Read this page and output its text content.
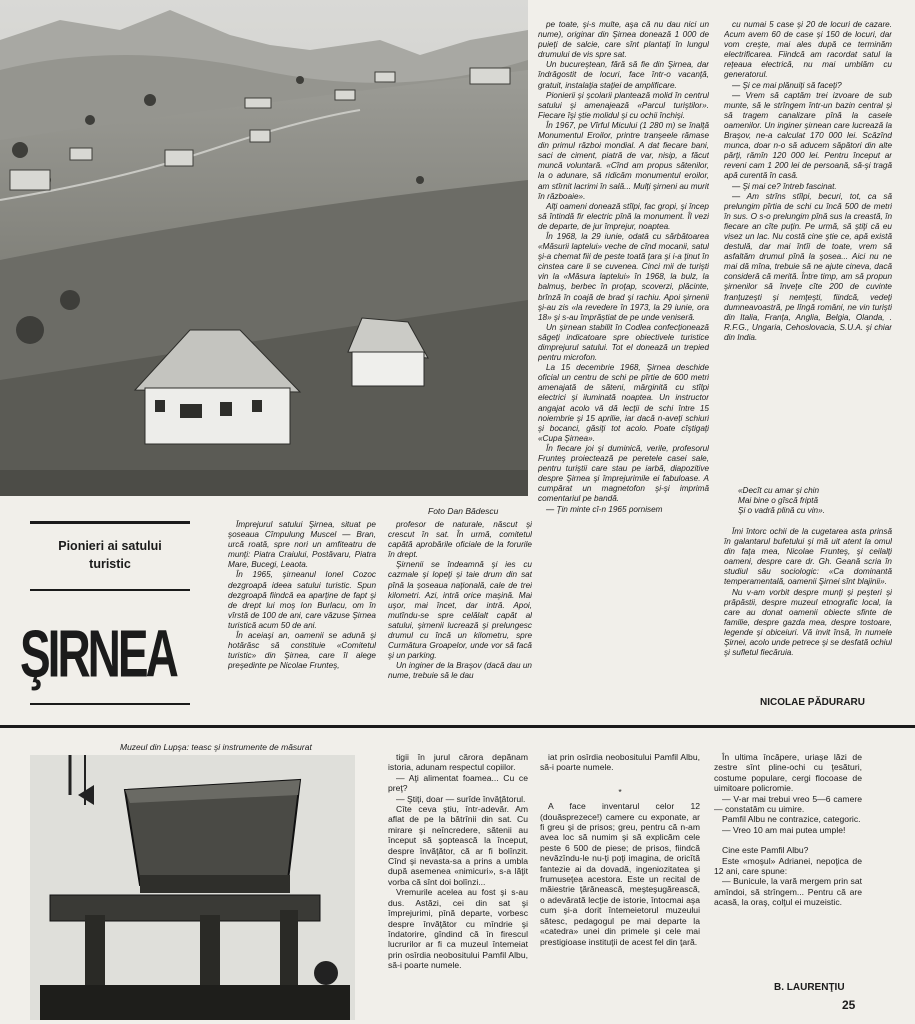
Foto Dan Bădescu
Pionieri ai satului turistic
ŞIRNEA

Împrejurul satului Şirnea, situat pe şoseaua Cîmpulung Muscel — Bran, urcă roată, spre nori un amfiteatru de munţi: Piatra Craiului, Postăvaru, Piatra Mare, Bucegi, Leaota.

În 1965, şirneanul Ionel Cozoc dezgroapă ideea satului turistic. Spun dezgroapă fiindcă ea aparţine de fapt şi de drept lui moş Ion Burlacu, om în vîrstă de 100 de ani, care văzuse Şirnea turistică acum 50 de ani.

În aceiaşi an, oamenii se adună şi hotărăsc să constituie «Comitetul turistic» din Şirnea, care îl alege preşedinte pe Nicolae Frunteş,

profesor de naturale, născut şi crescut în sat. În urmă, comitetul capătă aprobările oficiale de la forurile în drept.

Şirnenii se îndeamnă şi ies cu cazmale şi lopeţi şi taie drum din sat pînă la şoseaua naţională, cale de trei kilometri. Azi, intră orice maşină. Mai uşor, mai încet, dar intră. Apoi, mutîndu-se spre celălalt capăt al satului, şirnenii lucrează şi prelungesc drumul cu încă un kilometru, spre Curmătura Groapelor, unde vor să facă şi un parking.

Un inginer de la Braşov (dacă dau un nume, trebuie să le dau

pe toate, şi-s multe, aşa că nu dau nici un nume), originar din Şirnea donează 1 000 de puieţi de salcie, care sînt plantaţi în lungul drumului de vis spre sat.

Un bucureştean, fără să fie din Şirnea, dar îndrăgostit de locuri, face într-o vacanţă, gratuit, instalaţia staţiei de amplificare.

Pionierii şi şcolarii plantează molid în centrul satului şi amenajează «Parcul turiştilor». Fiecare îşi ştie molidul şi cu ochii închişi.

În 1967, pe Vîrful Micului (1 280 m) se înalţă Monumentul Eroilor, printre tranşeele rămase din primul război mondial. A dat fiecare bani, saci de ciment, piatră de var, nisip, a făcut muncă voluntară. «Cînd am propus sătenilor, la o adunare, să ridicăm monumentul eroilor, am stîrnit lacrimi în sală... Mulţi şirneni au murit în războaie».

Alţi oameni donează stîlpi, fac gropi, şi încep să întindă fir electric pînă la monument. Îl vezi de departe, de jur împrejur, noaptea.

În 1968, la 29 iunie, odată cu sărbătoarea «Măsurii laptelui» veche de cînd mocanii, satul şi-a chemat fiii de peste toată ţara şi i-a ţinut în cinstea care li se cuvenea. Cinci mii de turişti vin la «Măsura laptelui» în 1968, la bulz, la balmuş, berbec în proţap, scoverzi, plăcinte, brînză în coajă de brad şi rachiu. Apoi şirnenii şi-au zis «la revedere în 1973, la 29 iunie, ora 18» şi s-au împrăştiat de pe unde veniseră.

Un şirnean stabilit în Codlea confecţionează săgeţi indicatoare spre obiectivele turistice dimprejurul satului. Tot el donează un trepied pentru microfon.

La 15 decembrie 1968, Şirnea deschide oficial un centru de schi pe pîrtie de 600 metri amenajată de săteni, mărginită cu stîlpi electrici şi iluminată noaptea. Un instructor angajat acolo vă dă lecţii de schi între 15 noiembrie şi 15 aprilie, iar dacă n-aveţi schiuri şi bocanci, găsiţi tot acolo. Poate cîştigaţi «Cupa Şirnea».

În fiecare joi şi duminică, verile, profesorul Frunteş proiectează pe peretele casei sale, pentru turiştii care stau pe iarbă, diapozitive despre Şirnea şi împrejurimile ei fabuloase. A cumpărat un magnetofon şi-şi imprimă comentariul pe bandă.

— Ţin minte cî-n 1965 pornisem

cu numai 5 case şi 20 de locuri de cazare. Acum avem 60 de case şi 150 de locuri, dar vom creşte, mai ales după ce terminăm electrificarea. Fiindcă am racordat satul la reţeaua electrică, nu mai umblăm cu generatorul.

— Şi ce mai plănuiţi să faceţi?

— Vrem să captăm trei izvoare de sub munte, să le strîngem într-un bazin central şi să tragem canalizare pînă la casele oamenilor. Un inginer şirnean care lucrează la Braşov, ne-a calculat 170 000 lei. Scăzînd munca, doar n-o să aducem săpători din alte părţi, rămîn 120 000 lei. Pentru început ar reveni cam 1 200 lei de persoană, să-şi tragă apă curentă în casă.

— Şi mai ce? întreb fascinat.

— Am strîns stîlpi, becuri, tot, ca să prelungim pîrtia de schi cu încă 500 de metri în sus. O s-o prelungim pînă sus la creastă, în fiecare an cîte puţin. Pe urmă, să ştiţi că eu visez un lac. Nu costă cine ştie ce, apă există destulă, dar mai întîi de toate, vrem să asfaltăm drumul pînă la şosea... Aici nu ne mai dă mîna, trebuie să ne ajute cineva, dacă consideră că merită. Între timp, am să propun şirnenilor să înveţe cîte 200 de cuvinte franţuzeşti şi nemţeşti, fiindcă, vedeţi dumneavoastră, pe lîngă români, ne vin turişti din Italia, Franţa, Anglia, Belgia, Olanda, . R.F.G., Ungaria, Cehoslovacia, S.U.A. şi chiar din India.

«Decît cu amar şi chin
Mai bine o gîscă friptă
Şi o vadră plină cu vin».

Îmi întorc ochii de la cugetarea asta prinsă în galantarul bufetului şi mă uit atent la omul din faţa mea, Nicolae Frunteş, şi ceilalţi oameni, despre care dr. Gh. Geană scria în studiul său sociologic: «Ca dominantă temperamentală, oamenii Şirnei sînt blajinii».

Nu v-am vorbit despre munţi şi peşteri şi prăpăstii, despre muzeul etnografic local, la care au donat oamenii obiecte sfinte de familie, despre gazda mea, despre tostoare, legende şi obiceiuri. Vă invit însă, în numele Şirnei, acolo unde petrece şi se desfată ochiul şi sufletul fiecăruia.

NICOLAE PĂDURARU
Muzeul din Lupşa: teasc şi instrumente de măsurat

tigii în jurul cărora depănam istoria, adunam respectul copiilor.

— Aţi alimentat foamea... Cu ce preţ?

— Ştiţi, doar — surîde învăţătorul.

Cîte ceva ştiu, într-adevăr. Am aflat de pe la bătrînii din sat. Cu mirare şi neîncredere, sătenii au început să şoptească la început, despre învăţător, că ar fi bolînzit. Cînd şi nevasta-sa a prins a umbla după asemenea «nimicuri», s-a lăţit vorba că sînt doi bolînzi...

Vremurile acelea au fost şi s-au dus. Astăzi, cei din sat şi împrejurimi, pînă departe, vorbesc despre învăţător cu mîndrie şi îndatorire, gîndind că în firescul lucrurilor ar fi ca muzeul întemeiat prin osîrdia neobositului Pamfil Albu, să-i poarte numele.

iat prin osîrdia neobositului Pamfil Albu, să-i poarte numele.

*

A face inventarul celor 12 (douăsprezece!) camere cu exponate, ar fi greu şi de prisos; greu, pentru că n-am avea loc să numim şi să explicăm cele peste 6 500 de piese; de prisos, fiindcă nevăzîndu-le nu-ţi poţi imagina, de oricîtă fantezie ai da dovadă, ingeniozitatea şi frumuseţea acestora. Este un recital de măiestrie ţărănească, meşteşugărească, o adevărată lecţie de istorie, întocmai aşa cum şi-a dorit întemeietorul muzeului sătesc, pedagogul pe mai departe la «catedra» unei din primele şi cele mai prestigioase instituţii de acest fel din ţară.

În ultima încăpere, uriaşe lăzi de zestre sînt pline-ochi cu ţesături, costume populare, cergi flocoase de uimitoare policromie.

— V-ar mai trebui vreo 5—6 camere — constatăm cu uimire.

Pamfil Albu ne contrazice, categoric.

— Vreo 10 am mai putea umple!

Cine este Pamfil Albu?

Este «moşul» Adrianei, nepoţica de 12 ani, care spune:

— Bunicule, la vară mergem prin sat amîndoi, să strîngem... Pentru că are acasă, la oraş, colţul ei muzeistic.

B. LAURENŢIU
25
